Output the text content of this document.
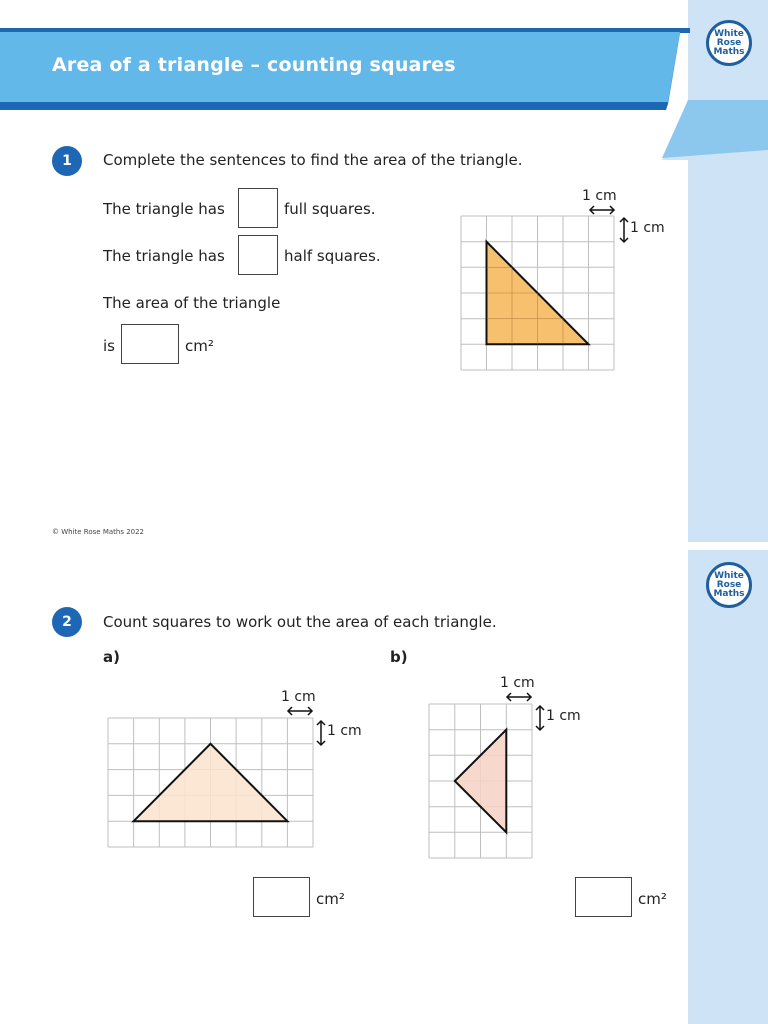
Area of a triangle – counting squares
White
Rose
Maths
1	Complete the sentences to find the area of the triangle.
The triangle has	full squares.
The triangle has	half squares.
The area of the triangle
is	cm²
1 cm
1 cm
© White Rose Maths 2022
White
Rose
Maths
2	Count squares to work out the area of each triangle.
a)	b)
1 cm
1 cm
1 cm
1 cm
cm²	cm²
